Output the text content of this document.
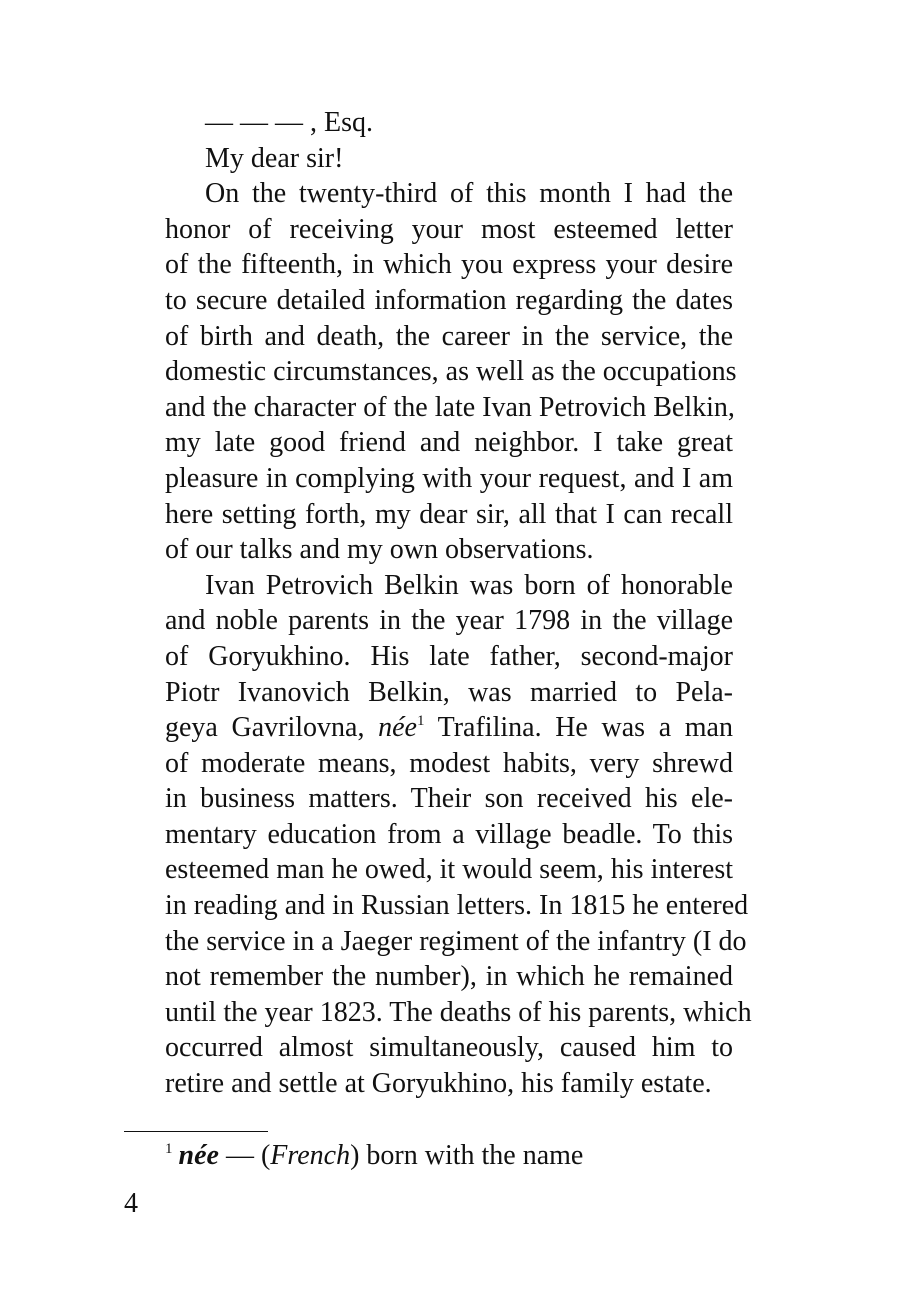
— — — , Esq.
My dear sir!
On the twenty-third of this month I had the
honor of receiving your most esteemed letter
of the fifteenth, in which you express your desire
to secure detailed information regarding the dates
of birth and death, the career in the service, the
domestic circumstances, as well as the occupations
and the character of the late Ivan Petrovich Belkin,
my late good friend and neighbor. I take great
pleasure in complying with your request, and I am
here setting forth, my dear sir, all that I can recall
of our talks and my own observations.
Ivan Petrovich Belkin was born of honorable
and noble parents in the year 1798 in the village
of Goryukhino. His late father, second-major
Piotr Ivanovich Belkin, was married to Pela-
geya Gavrilovna, née$^1$ Trafilina. He was a man
of moderate means, modest habits, very shrewd
in business matters. Their son received his ele-
mentary education from a village beadle. To this
esteemed man he owed, it would seem, his interest
in reading and in Russian letters. In 1815 he entered
the service in a Jaeger regiment of the infantry (I do
not remember the number), in which he remained
until the year 1823. The deaths of his parents, which
occurred almost simultaneously, caused him to
retire and settle at Goryukhino, his family estate.
$^1$ née — (French) born with the name
4
